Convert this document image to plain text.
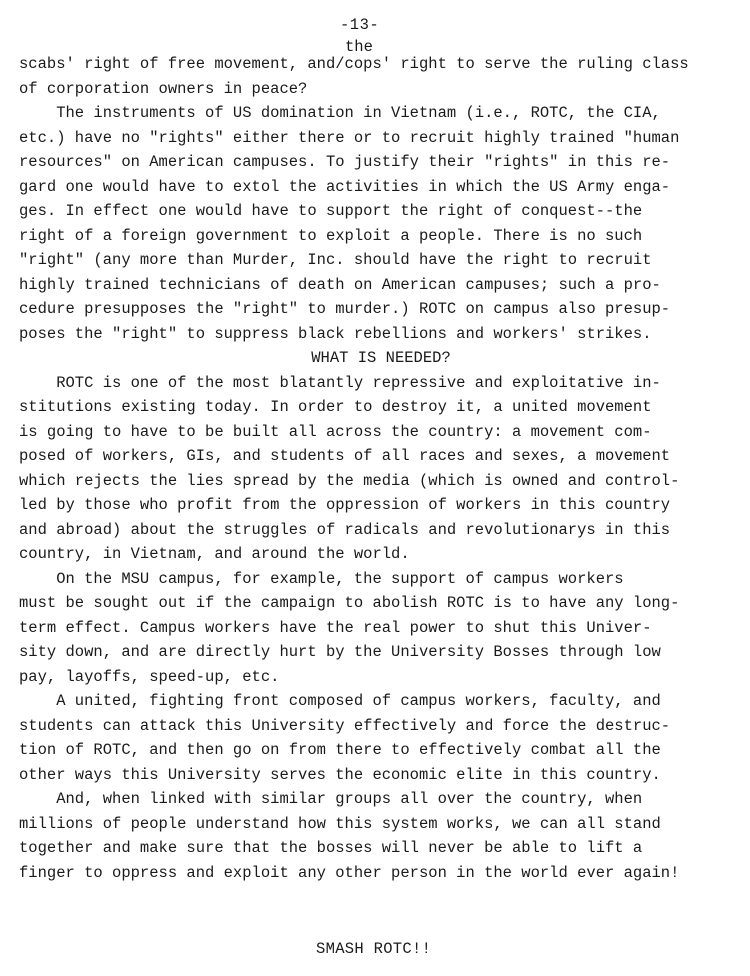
-13-
the
scabs' right of free movement, and/cops' right to serve the ruling class
of corporation owners in peace?
The instruments of US domination in Vietnam (i.e., ROTC, the CIA,
etc.) have no "rights" either there or to recruit highly trained "human
resources" on American campuses. To justify their "rights" in this re-
gard one would have to extol the activities in which the US Army enga-
ges. In effect one would have to support the right of conquest--the
right of a foreign government to exploit a people. There is no such
"right" (any more than Murder, Inc. should have the right to recruit
highly trained technicians of death on American campuses; such a pro-
cedure presupposes the "right" to murder.) ROTC on campus also presup-
poses the "right" to suppress black rebellions and workers' strikes.
WHAT IS NEEDED?
ROTC is one of the most blatantly repressive and exploitative in-
stitutions existing today. In order to destroy it, a united movement
is going to have to be built all across the country: a movement com-
posed of workers, GIs, and students of all races and sexes, a movement
which rejects the lies spread by the media (which is owned and control-
led by those who profit from the oppression of workers in this country
and abroad) about the struggles of radicals and revolutionarys in this
country, in Vietnam, and around the world.
On the MSU campus, for example, the support of campus workers
must be sought out if the campaign to abolish ROTC is to have any long-
term effect. Campus workers have the real power to shut this Univer-
sity down, and are directly hurt by the University Bosses through low
pay, layoffs, speed-up, etc.
A united, fighting front composed of campus workers, faculty, and
students can attack this University effectively and force the destruc-
tion of ROTC, and then go on from there to effectively combat all the
other ways this University serves the economic elite in this country.
And, when linked with similar groups all over the country, when
millions of people understand how this system works, we can all stand
together and make sure that the bosses will never be able to lift a
finger to oppress and exploit any other person in the world ever again!
SMASH ROTC!!
